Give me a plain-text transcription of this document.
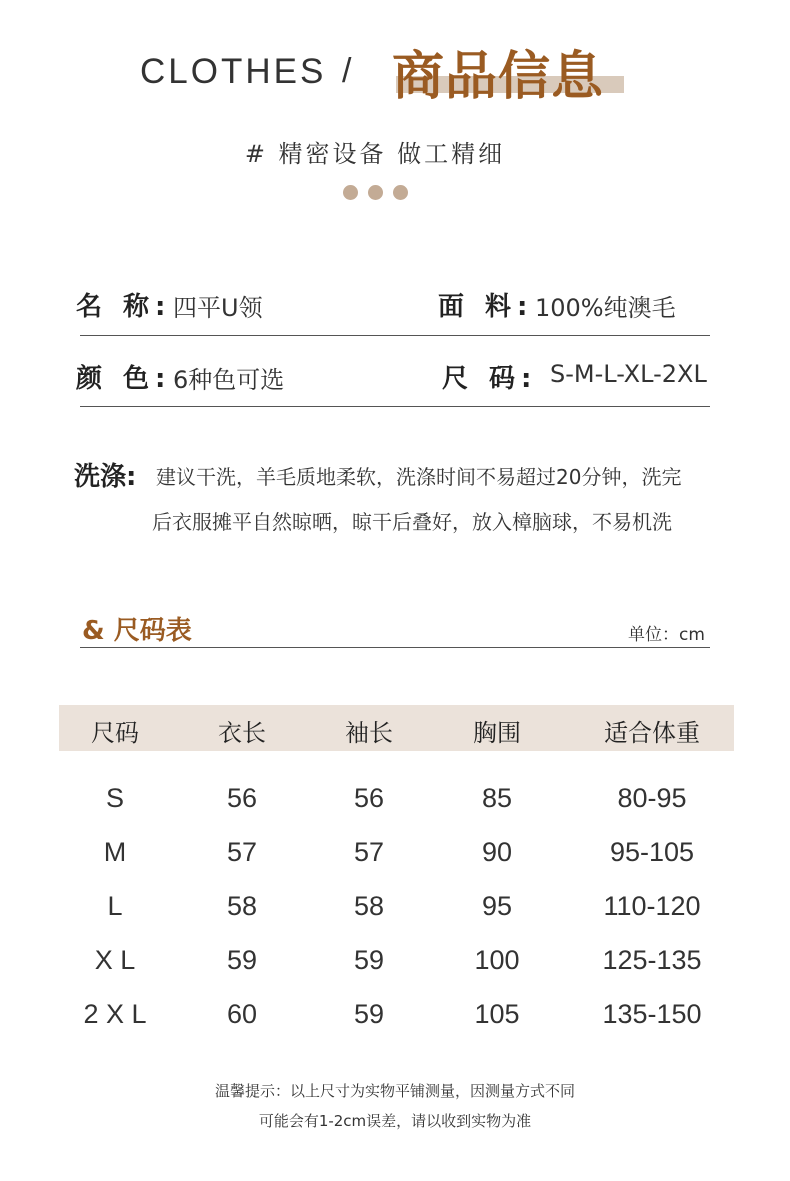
CLOTHES / 商品信息
# 精密设备 做工精细
名 称: 四平U领	面 料: 100%纯澳毛
颜 色: 6种色可选	尺 码: S-M-L-XL-2XL
洗涤: 建议干洗，羊毛质地柔软，洗涤时间不易超过20分钟，洗完
后衣服摊平自然晾晒，晾干后叠好，放入樟脑球，不易机洗
& 尺码表	单位：cm
尺码	衣长	袖长	胸围	适合体重
S	56	56	85	80-95
M	57	57	90	95-105
L	58	58	95	110-120
X L	59	59	100	125-135
2 X L	60	59	105	135-150
温馨提示：以上尺寸为实物平铺测量，因测量方式不同
可能会有1-2cm误差，请以收到实物为准
